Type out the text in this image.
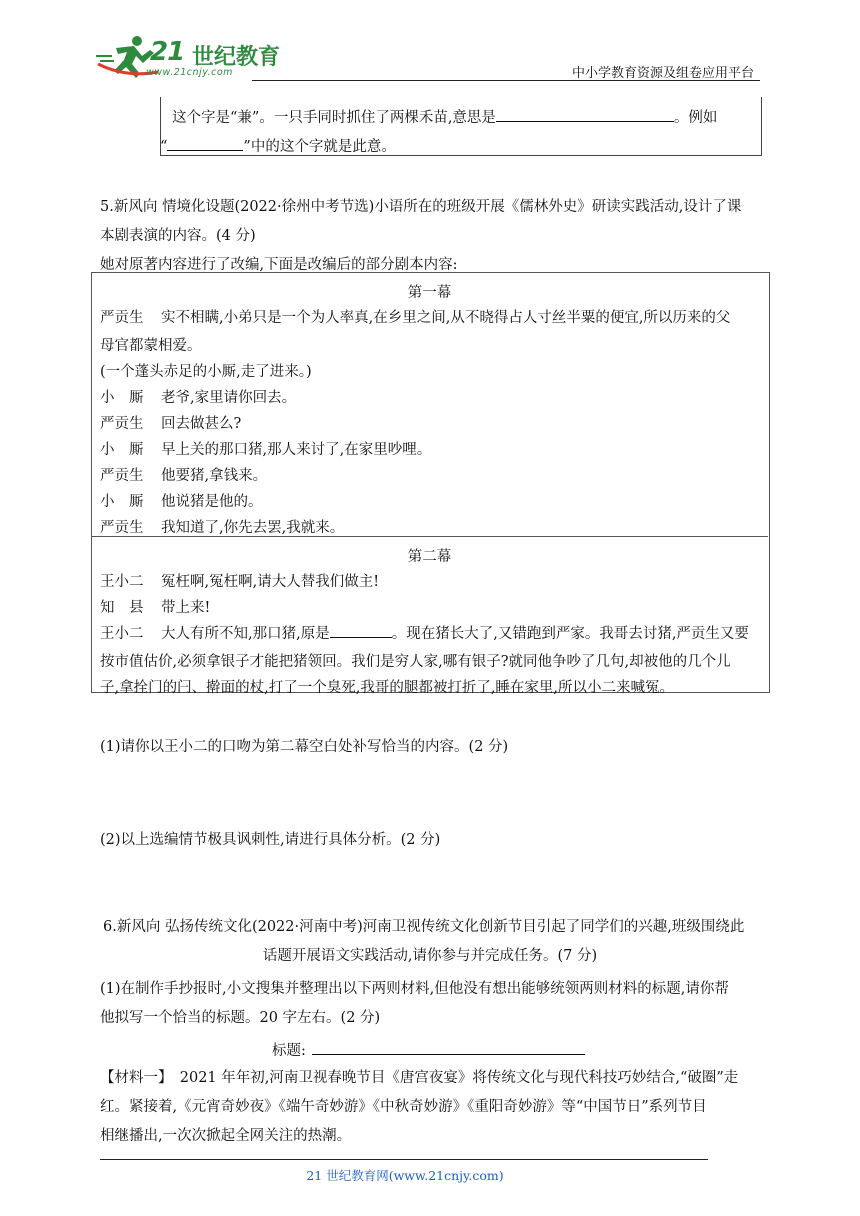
21 世纪教育
www.21cnjy.com	中小学教育资源及组卷应用平台
这个字是“兼”。一只手同时抓住了两棵禾苗,意思是	。例如
“	”中的这个字就是此意。
5.新风向 情境化设题(2022·徐州中考节选)小语所在的班级开展《儒林外史》研读实践活动,设计了课
本剧表演的内容。(4 分)
她对原著内容进行了改编,下面是改编后的部分剧本内容:
第一幕
严贡生 实不相瞒,小弟只是一个为人率真,在乡里之间,从不晓得占人寸丝半粟的便宜,所以历来的父
母官都蒙相爱。
(一个蓬头赤足的小厮,走了进来。)
小　厮 老爷,家里请你回去。
严贡生 回去做甚么?
小　厮 早上关的那口猪,那人来讨了,在家里吵哩。
严贡生 他要猪,拿钱来。
小　厮 他说猪是他的。
严贡生 我知道了,你先去罢,我就来。
第二幕
王小二 冤枉啊,冤枉啊,请大人替我们做主!
知　县 带上来!
王小二 大人有所不知,那口猪,原是	。现在猪长大了,又错跑到严家。我哥去讨猪,严贡生又要
按市值估价,必须拿银子才能把猪领回。我们是穷人家,哪有银子?就同他争吵了几句,却被他的几个儿
子,拿拴门的闩、擀面的杖,打了一个臭死,我哥的腿都被打折了,睡在家里,所以小二来喊冤。
(1)请你以王小二的口吻为第二幕空白处补写恰当的内容。(2 分)
(2)以上选编情节极具讽刺性,请进行具体分析。(2 分)
6.新风向 弘扬传统文化(2022·河南中考)河南卫视传统文化创新节目引起了同学们的兴趣,班级围绕此
话题开展语文实践活动,请你参与并完成任务。(7 分)
(1)在制作手抄报时,小文搜集并整理出以下两则材料,但他没有想出能够统领两则材料的标题,请你帮
他拟写一个恰当的标题。20 字左右。(2 分)
标题:
【材料一】　2021 年年初,河南卫视春晚节目《唐宫夜宴》将传统文化与现代科技巧妙结合,“破圈”走
红。紧接着,《元宵奇妙夜》《端午奇妙游》《中秋奇妙游》《重阳奇妙游》等“中国节日”系列节目
相继播出,一次次掀起全网关注的热潮。
21 世纪教育网(www.21cnjy.com)
